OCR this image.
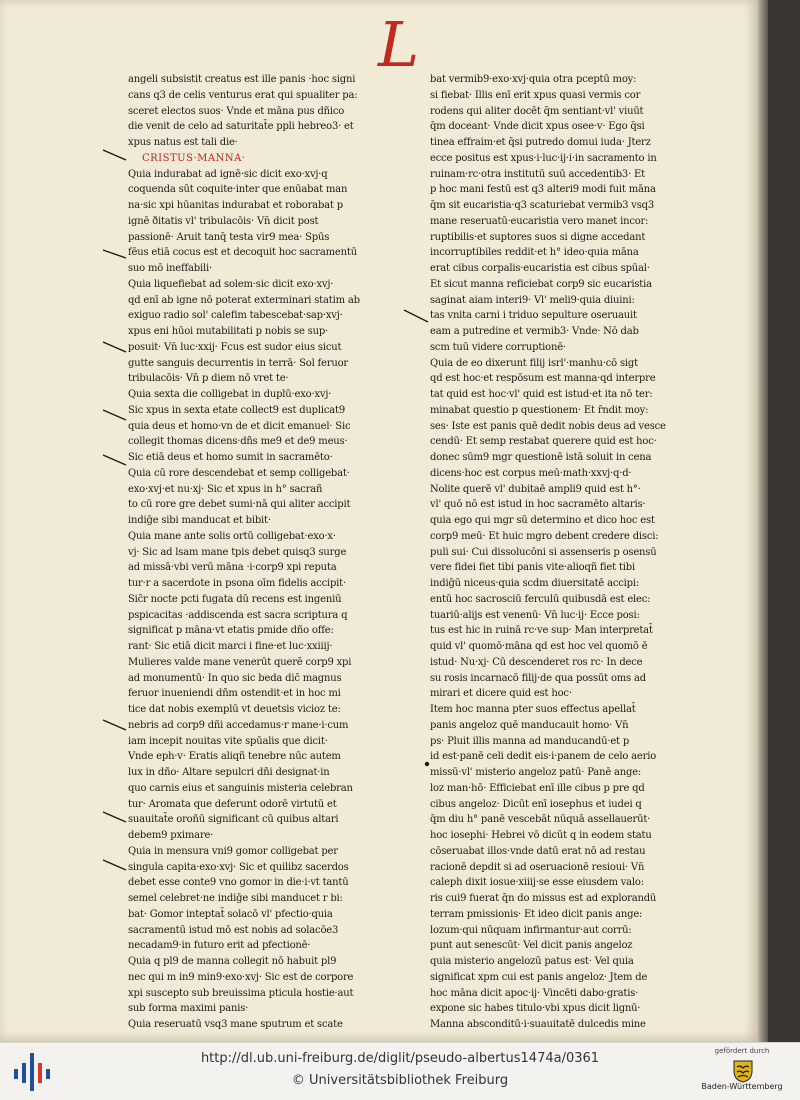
L
angeli subsistit creatus est ille panis ·hoc signi
cans q3 de celis venturus erat qui spualiter pa:
sceret electos suos· Vnde et māna pus dñico
die venit de celo ad saturitat̄e ppli hebreo3· et
xpus natus est tali die·
CRISTUS·MANNA·
Quia indurabat ad ignē·sic dicit exo·xvj·q
coquenda sūt coquite·inter que enūabat man
na·sic xpi hūanitas indurabat et roborabat p
ignē ðitatis vl' tribulacōis· Vn̄ dicit post
passionē· Aruit tanq̄ testa vir9 mea· Spūs
fēus etiā cocus est et decoquit hoc sacramentū
suo mō ineffabili·
Quia liquefiebat ad solem·sic dicit exo·xvj·
qd enī ab igne nō poterat exterminari statim ab
exiguo radio sol' calefim tabescebat·sap·xvj·
xpus eni hūoi mutabilitati p nobis se sup·
posuit· Vn̄ luc·xxij· Fcus est sudor eius sicut
gutte sanguis decurrentis in terrā· Sol feruor
tribulacōis· Vn̄ p diem nō vret te·
Quia sexta die colligebat in duplū·exo·xvj·
Sic xpus in sexta etate collect9 est duplicat9
quia deus et homo·vn de et dicit emanuel· Sic
collegit thomas dicens·dñs me9 et de9 meus·
Sic etiā deus et homo sumit in sacramēto·
Quia cū rore descendebat et semp colligebat·
exo·xvj·et nu·xj· Sic et xpus in h° sacrañ
to cū rore gre debet sumi·nā qui aliter accipit
indiḡe sibi manducat et bibit·
Quia mane ante solis ortū colligebat·exo·x·
vj· Sic ad lsam mane tpis debet quisq3 surge
ad missā·vbi verū māna ·i·corp9 xpi reputa
tur·r a sacerdote in psona oīm fidelis accipit·
Sic̄r nocte pcti fugata dū recens est ingeniū
pspicacitas ·addiscenda est sacra scriptura q
significat p māna·vt etatis pmide dño offe:
rant· Sic etiā dicit marci i fine·et luc·xxiiij·
Mulieres valde mane venerūt querē corp9 xpi
ad monumentū· In quo sic beda dic̄ magnus
feruor inueniendi dñm ostendit·et in hoc mi
tice dat nobis exemplū vt deuetsis vicioz te:
nebris ad corp9 dñi accedamus·r mane·i·cum
iam incepit nouitas vite spūalis que dicit·
Vnde eph·v· Eratis aliqñ tenebre nūc autem
lux in dño· Altare sepulcri dñi designat·in
quo carnis eius et sanguinis misteria celebran
tur· Aromata que deferunt odorē virtutū et
suauitat̄e oroñū significant cū quibus altari
debem9 pximare·
Quia in mensura vni9 gomor colligebat per
singula capita·exo·xvj· Sic et quilibz sacerdos
debet esse conte9 vno gomor in die·i·vt tantū
semel celebret·ne indiḡe sibi manducet r bi:
bat· Gomor inteptat̄ solacō vl' pfectio·quia
sacramentū istud mō est nobis ad solacōe3
necadam9·in futuro erit ad pfectionē·
Quia q pl9 de manna collegit nō habuit pl9
nec qui m in9 min9·exo·xvj· Sic est de corpore
xpi suscepto sub breuissima pticula hostie·aut
sub forma maximi panis·
Quia reseruatū vsq3 mane sputrum et scate
bat vermib9·exo·xvj·quia otra pceptū moy:
si fiebat· Illis enī erit xpus quasi vermis cor
rodens qui aliter docēt q̄m sentiant·vl' viuūt
q̄m doceant· Vnde dicit xpus osee·v· Ego q̄si
tinea effraim·et q̄si putredo domui iuda· Jterz
ecce positus est xpus·i·luc·ij·i·in sacramento in
ruinam·rc·otra institutū suū accedentib3· Et
p hoc mani festū est q3 alteri9 modi fuit māna
q̄m sit eucaristia·q3 scaturiebat vermib3 vsq3
mane reseruatū·eucaristia vero manet incor:
ruptibilis·et suptores suos si digne accedant
incorruptibiles reddit·et h° ideo·quia māna
erat cibus corpalis·eucaristia est cibus spūal·
Et sicut manna reficiebat corp9 sic eucaristia
saginat aiam interi9· Vl' meli9·quia diuini:
tas vnita carni i triduo sepulture oseruauit
eam a putredine et vermib3· Vnde· Nō dab
scm tuū videre corruptionē·
Quia de eo dixerunt filij isrl'·manhu·cō sigt
qd est hoc·et respōsum est manna·qd interpre
tat quid est hoc·vl' quid est istud·et ita nō ter:
minabat questio p questionem· Et r̄ndit moy:
ses· Iste est panis quē dedit nobis deus ad vesce
cendū· Et semp restabat querere quid est hoc·
donec sūm9 mgr questionē istā soluit in cena
dicens·hoc est corpus meū·math·xxvj·q·d·
Nolite querē vl' dubitaē ampli9 quid est h°·
vl' quō nō est istud in hoc sacramēto altaris·
quia ego qui mgr sū determino et dico hoc est
corp9 meū· Et huic mgro debent credere disci:
puli sui· Cui dissolucōni si assenseris p osensū
vere fidei fiet tibi panis vite·alioqñ fiet tibi
indiḡū niceus·quia scdm diuersitatē accipi:
entū hoc sacrosciū ferculū quibusdā est elec:
tuariū·alijs est venenū· Vn̄ luc·ij· Ecce posi:
tus est hic in ruinā rc·ve sup· Man interpretat̄
quid vl' quomō·māna qd est hoc vel quomō ē
istud· Nu·xj· Cū descenderet ros rc· In dece
su rosis incarnacō filij·de qua possūt oms ad
mirari et dicere quid est hoc·
Item hoc manna pter suos effectus apellat̄
panis angeloz quē manducauit homo· Vn̄
ps· Pluit illis manna ad manducandū·et p
id est·panē celi dedit eis·i·panem de celo aerio
missū·vl' misterio angeloz patū· Panē ange:
loz man·hō· Efficiebat enī ille cibus p pre qd
cibus angeloz· Dicūt enī iosephus et iudei q
q̄m diu h° panē vescebāt nūquā assellauerūt·
hoc iosephi· Hebrei vō dicūt q in eodem statu
cōseruabat illos·vnde datū erat nō ad restau
racionē depdit si ad oseruacionē resioui· Vn̄
caleph dixit iosue·xiiij·se esse eiusdem valo:
ris cui9 fuerat q̄n do missus est ad explorandū
terram pmissionis· Et ideo dicit panis ange:
lozum·qui nūquam infirmantur·aut corrū:
punt aut senescūt· Vel dicit panis angeloz
quia misterio angelozū patus est· Vel quia
significat xpm cui est panis angeloz· Jtem de
hoc māna dicit apoc·ij· Vincēti dabo·gratis·
expone sic habes titulo·vbi xpus dicit lignū·
Manna absconditū·i·suauitatē dulcedis mine
http://dl.ub.uni-freiburg.de/diglit/pseudo-albertus1474a/0361
© Universitätsbibliothek Freiburg
gefördert durch
Baden-Württemberg
